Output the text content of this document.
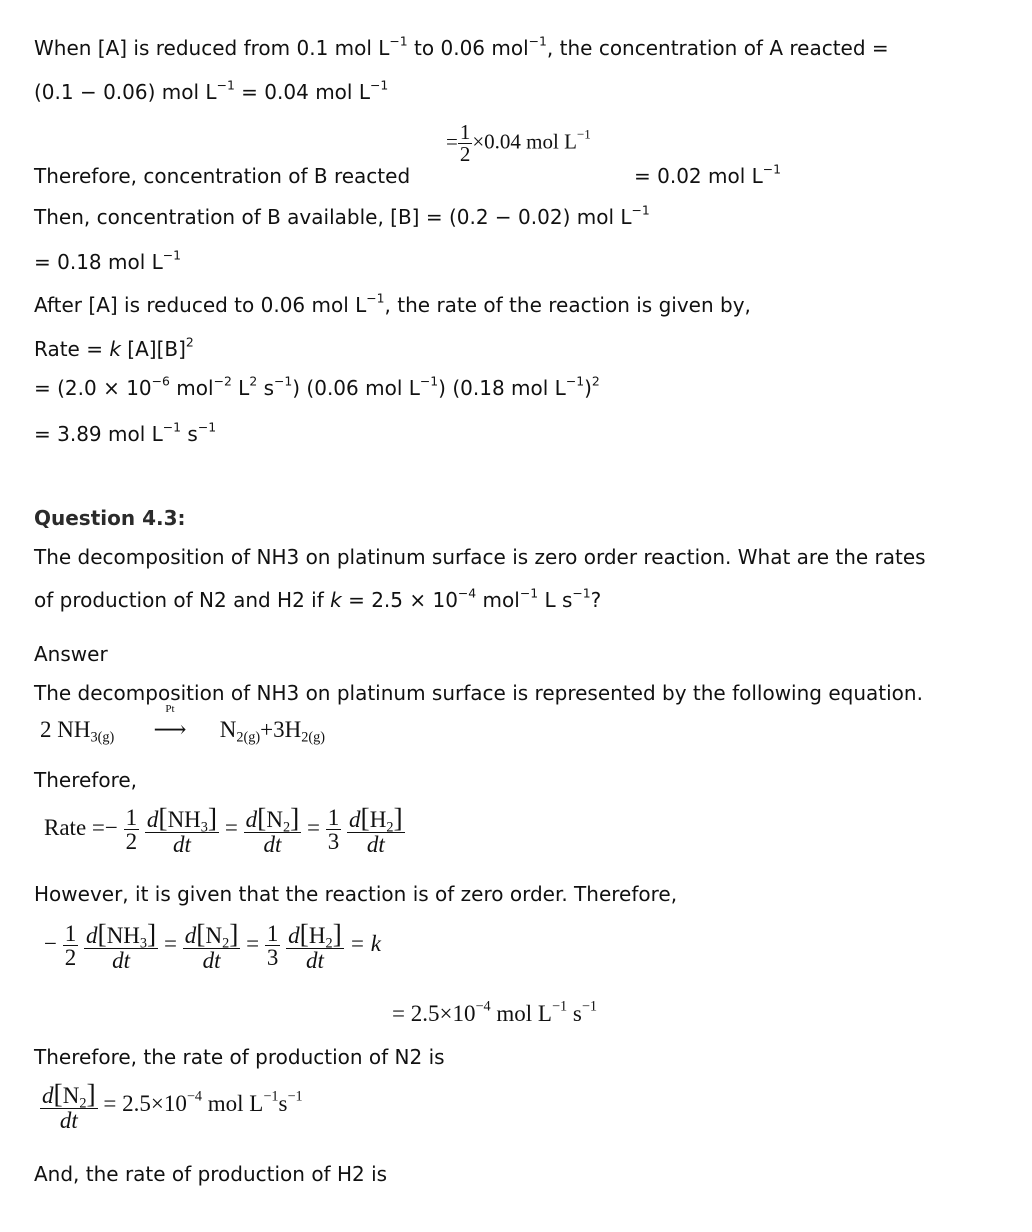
When [A] is reduced from 0.1 mol $L^{-1}$ to 0.06 mol$^{-1}$, the concentration of A reacted =
(0.1 − 0.06) mol $L^{-1} = 0.04$ mol $L^{-1}$
= $\frac{1}{2} \times 0.04$ mol $L^{-1}$
Therefore, concentration of B reacted	= 0.02 mol $L^{-1}$
Then, concentration of B available, [B] = (0.2 − 0.02) mol $L^{-1}$
= 0.18 mol $L^{-1}$
After [A] is reduced to 0.06 mol $L^{-1}$, the rate of the reaction is given by,
Rate = k $[A][B]^2$
= ($2.0 \times 10^{-6}$ mol$^{-2}$ $L^2$ $s^{-1}$) (0.06 mol $L^{-1}$) (0.18 mol $L^{-1})^2$
= 3.89 mol $L^{-1}$ $s^{-1}$
Question 4.3:
The decomposition of NH3 on platinum surface is zero order reaction. What are the rates
of production of N2 and H2 if $k = 2.5 \times 10^{-4}$ mol$^{-1}$ L $s^{-1}$?
Answer
The decomposition of NH3 on platinum surface is represented by the following equation.
2 $NH_{3(g)}$
Pt
⟶ $N_{2(g)}+3H_{2(g)}$
Therefore,
Rate =− $\frac{1}{2}$
$\frac{d[NH_3]}{dt} = \frac{d[N_2]}{dt} = \frac{1}{3}$
$\frac{d[H_2]}{dt}$
However, it is given that the reaction is of zero order. Therefore,
− $\frac{1}{2}$
$\frac{d[NH_3]}{dt} = \frac{d[N_2]}{dt} = \frac{1}{3}$
$\frac{d[H_2]}{dt} = k$
= $2.5\times 10^{-4}$ mol $L^{-1}$ $s^{-1}$
Therefore, the rate of production of N2 is
$\frac{d[N_2]}{dt} = 2.5\times 10^{-4}$ mol $L^{-1}s^{-1}$
And, the rate of production of H2 is
